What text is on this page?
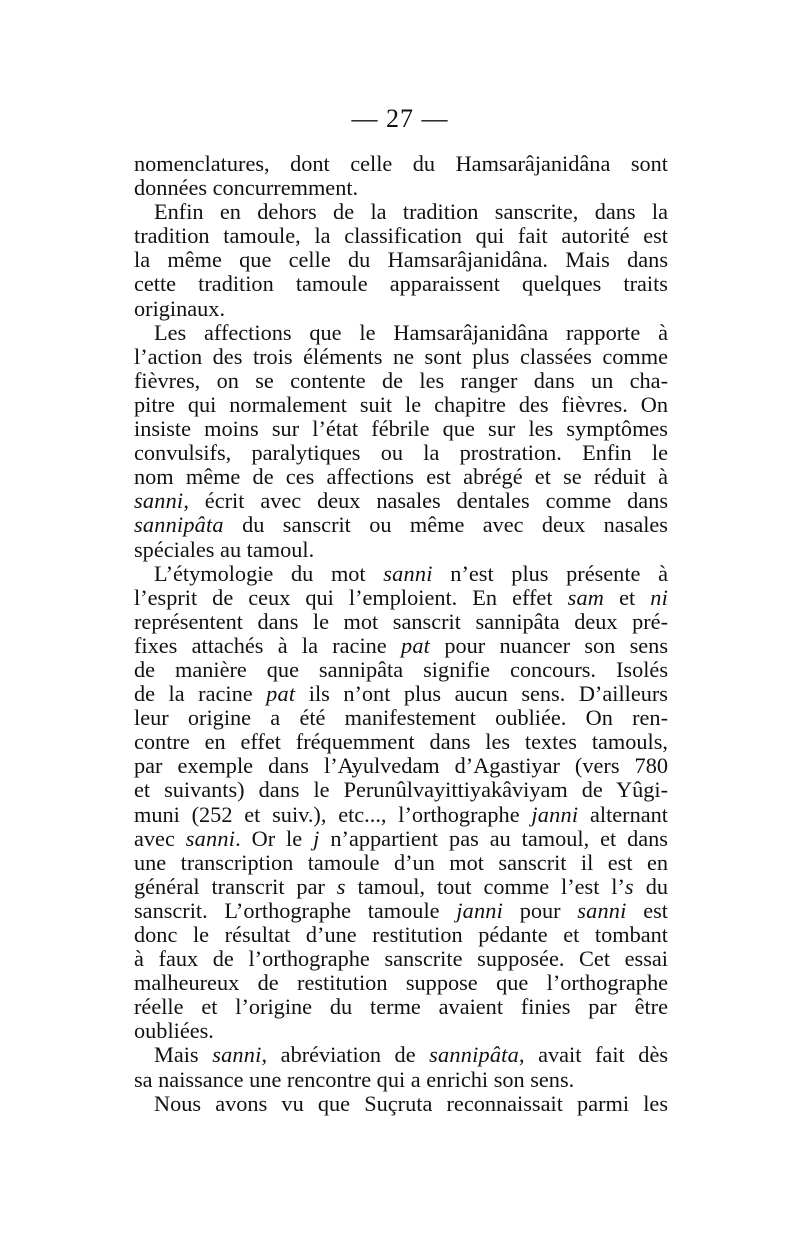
— 27 —

nomenclatures, dont celle du Hamsarâjanidâna sont

données concurremment.

Enfin en dehors de la tradition sanscrite, dans la

tradition tamoule, la classification qui fait autorité est

la même que celle du Hamsarâjanidâna. Mais dans

cette tradition tamoule apparaissent quelques traits

originaux.

Les affections que le Hamsarâjanidâna rapporte à

l’action des trois éléments ne sont plus classées comme

fièvres, on se contente de les ranger dans un cha-

pitre qui normalement suit le chapitre des fièvres. On

insiste moins sur l’état fébrile que sur les symptômes

convulsifs, paralytiques ou la prostration. Enfin le

nom même de ces affections est abrégé et se réduit à

sanni, écrit avec deux nasales dentales comme dans

sannipâta du sanscrit ou même avec deux nasales

spéciales au tamoul.

L’étymologie du mot sanni n’est plus présente à

l’esprit de ceux qui l’emploient. En effet sam et ni

représentent dans le mot sanscrit sannipâta deux pré-

fixes attachés à la racine pat pour nuancer son sens

de manière que sannipâta signifie concours. Isolés

de la racine pat ils n’ont plus aucun sens. D’ailleurs

leur origine a été manifestement oubliée. On ren-

contre en effet fréquemment dans les textes tamouls,

par exemple dans l’Ayulvedam d’Agastiyar (vers 780

et suivants) dans le Perunûlvayittiyakâviyam de Yûgi-

muni (252 et suiv.), etc..., l’orthographe janni alternant

avec sanni. Or le j n’appartient pas au tamoul, et dans

une transcription tamoule d’un mot sanscrit il est en

général transcrit par s tamoul, tout comme l’est l’s du

sanscrit. L’orthographe tamoule janni pour sanni est

donc le résultat d’une restitution pédante et tombant

à faux de l’orthographe sanscrite supposée. Cet essai

malheureux de restitution suppose que l’orthographe

réelle et l’origine du terme avaient finies par être

oubliées.

Mais sanni, abréviation de sannipâta, avait fait dès

sa naissance une rencontre qui a enrichi son sens.

Nous avons vu que Suçruta reconnaissait parmi les
